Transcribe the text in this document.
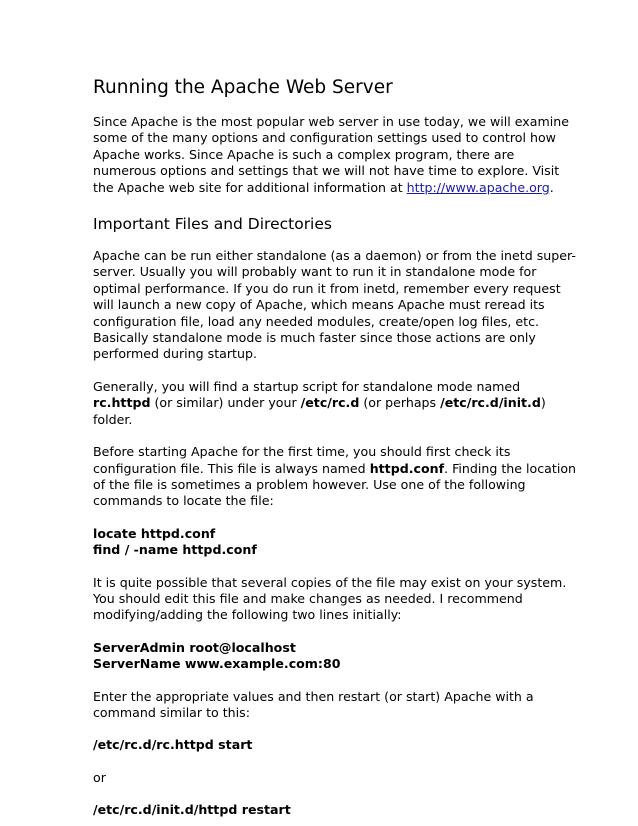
Running the Apache Web Server

Since Apache is the most popular web server in use today, we will examine some of the many options and configuration settings used to control how Apache works. Since Apache is such a complex program, there are numerous options and settings that we will not have time to explore. Visit the Apache web site for additional information at http://www.apache.org.

Important Files and Directories

Apache can be run either standalone (as a daemon) or from the inetd super-server. Usually you will probably want to run it in standalone mode for optimal performance. If you do run it from inetd, remember every request will launch a new copy of Apache, which means Apache must reread its configuration file, load any needed modules, create/open log files, etc. Basically standalone mode is much faster since those actions are only performed during startup.

Generally, you will find a startup script for standalone mode named rc.httpd (or similar) under your /etc/rc.d (or perhaps /etc/rc.d/init.d) folder.

Before starting Apache for the first time, you should first check its configuration file. This file is always named httpd.conf. Finding the location of the file is sometimes a problem however. Use one of the following commands to locate the file:

locate httpd.conf
find / -name httpd.conf

It is quite possible that several copies of the file may exist on your system. You should edit this file and make changes as needed. I recommend modifying/adding the following two lines initially:

ServerAdmin root@localhost
ServerName www.example.com:80

Enter the appropriate values and then restart (or start) Apache with a command similar to this:

/etc/rc.d/rc.httpd start

or

/etc/rc.d/init.d/httpd restart
